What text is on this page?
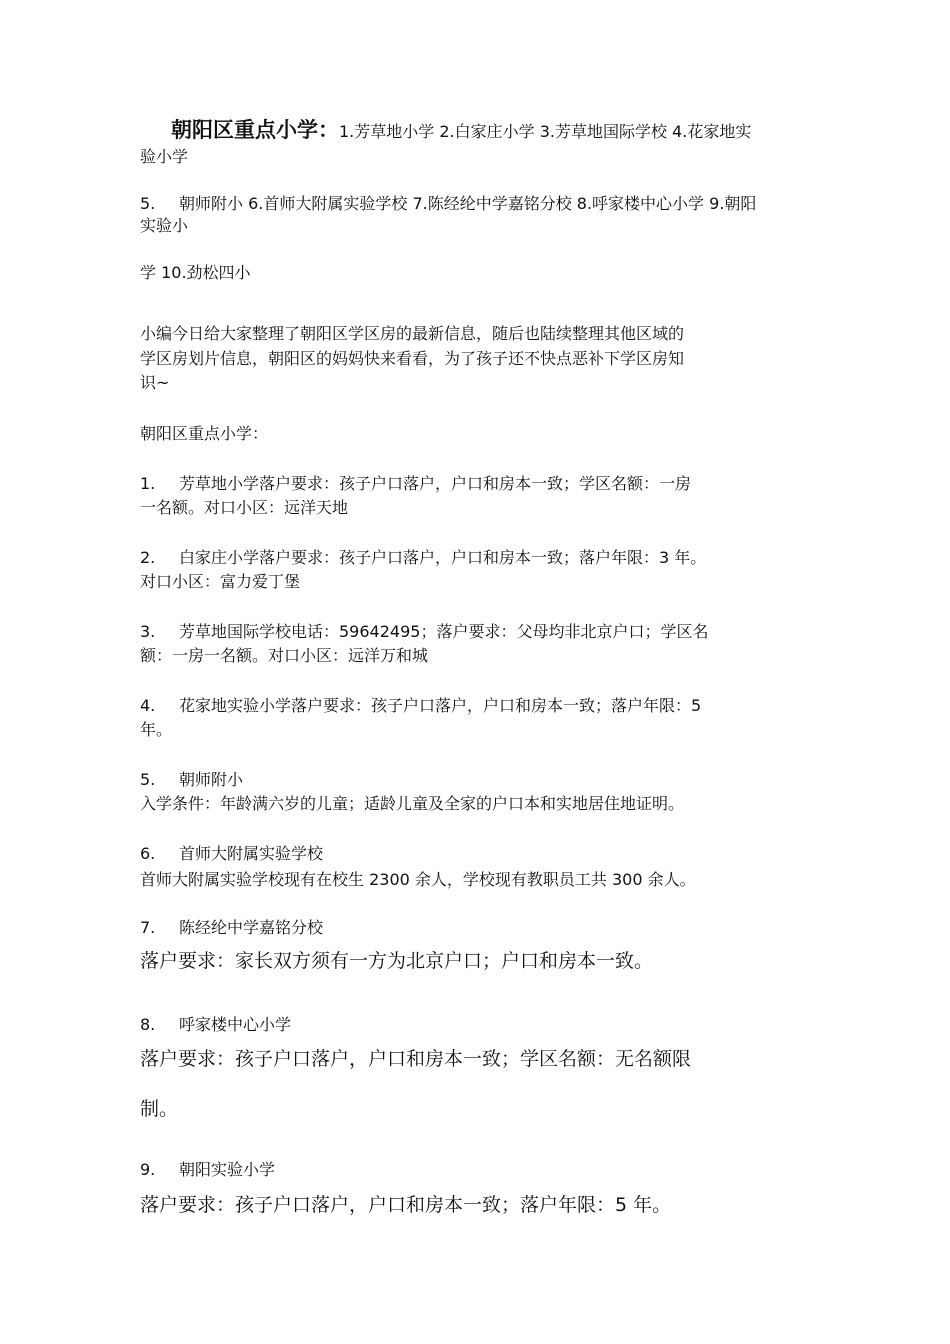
朝阳区重点小学：1.芳草地小学 2.白家庄小学 3.芳草地国际学校 4.花家地实
验小学
5. 朝师附小 6.首师大附属实验学校 7.陈经纶中学嘉铭分校 8.呼家楼中心小学 9.朝阳
实验小
学 10.劲松四小
小编今日给大家整理了朝阳区学区房的最新信息，随后也陆续整理其他区域的
学区房划片信息，朝阳区的妈妈快来看看，为了孩子还不快点恶补下学区房知
识~
朝阳区重点小学：
1. 芳草地小学落户要求：孩子户口落户，户口和房本一致；学区名额：一房
一名额。对口小区：远洋天地
2. 白家庄小学落户要求：孩子户口落户，户口和房本一致；落户年限：3 年。
对口小区：富力爱丁堡
3. 芳草地国际学校电话：59642495；落户要求：父母均非北京户口；学区名
额：一房一名额。对口小区：远洋万和城
4. 花家地实验小学落户要求：孩子户口落户，户口和房本一致；落户年限：5
年。
5. 朝师附小
入学条件：年龄满六岁的儿童；适龄儿童及全家的户口本和实地居住地证明。
6. 首师大附属实验学校
首师大附属实验学校现有在校生 2300 余人，学校现有教职员工共 300 余人。
7. 陈经纶中学嘉铭分校
落户要求：家长双方须有一方为北京户口；户口和房本一致。
8. 呼家楼中心小学
落户要求：孩子户口落户，户口和房本一致；学区名额：无名额限
制。
9. 朝阳实验小学
落户要求：孩子户口落户，户口和房本一致；落户年限：5 年。
